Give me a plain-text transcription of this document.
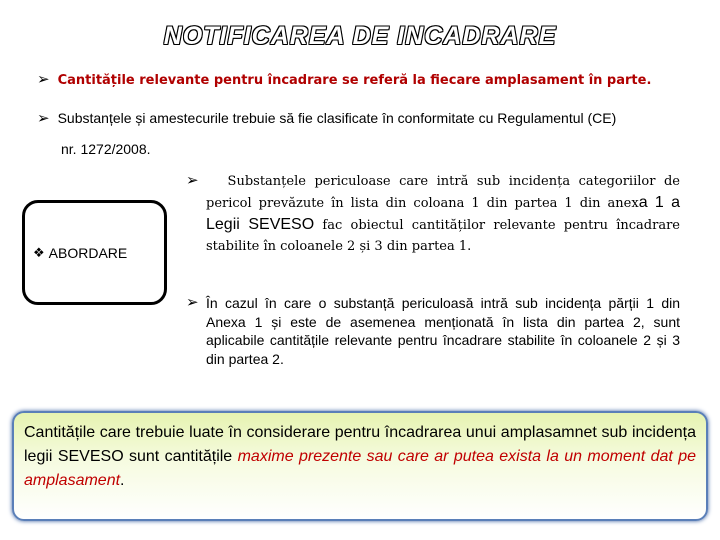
NOTIFICAREA DE INCADRARE
➢ Cantitățile relevante pentru încadrare se referă la fiecare amplasament în parte.
➢ Substanțele și amestecurile trebuie să fie clasificate în conformitate cu Regulamentul (CE)
nr. 1272/2008.
❖ ABORDARE
➢	Substanțele periculoase care intră sub incidența categoriilor de pericol prevăzute în lista din coloana 1 din partea 1 din anexa 1 a Legii SEVESO fac obiectul cantităților relevante pentru încadrare stabilite în coloanele 2 și 3 din partea 1.
➢ În cazul în care o substanță periculoasă intră sub incidența părții 1 din Anexa 1 și este de asemenea menționată în lista din partea 2, sunt aplicabile cantitățile relevante pentru încadrare stabilite în coloanele 2 și 3 din partea 2.
Cantitățile care trebuie luate în considerare pentru încadrarea unui amplasamnet sub incidența legii SEVESO sunt cantitățile maxime prezente sau care ar putea exista la un moment dat pe amplasament.
